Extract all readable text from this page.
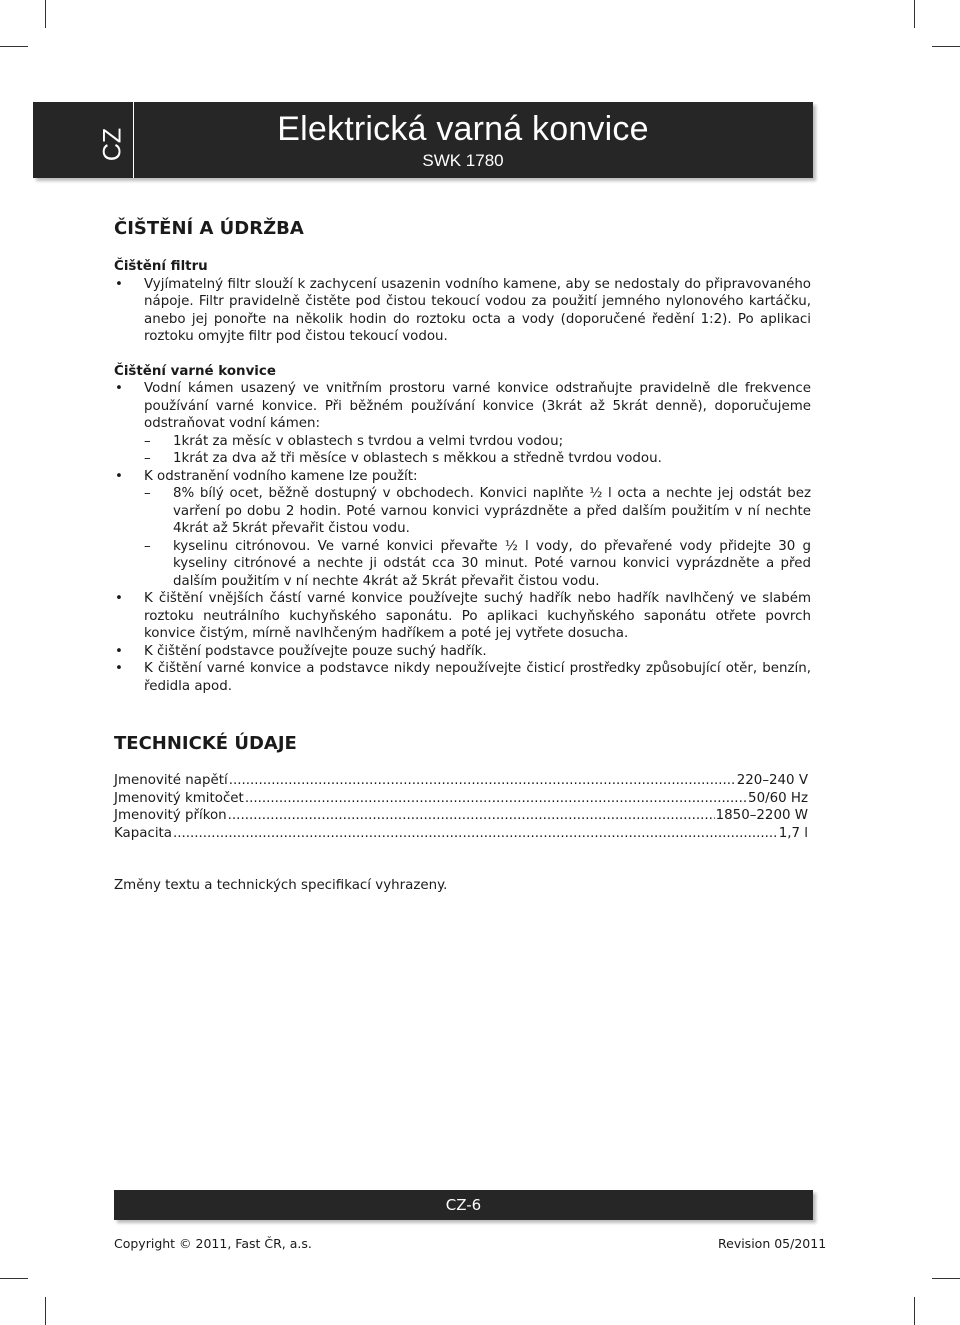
CZ	Elektrická varná konvice
SWK 1780
ČIŠTĚNÍ A ÚDRŽBA
Čištění filtru
• Vyjímatelný filtr slouží k zachycení usazenin vodního kamene, aby se nedostaly do připravovaného nápoje. Filtr pravidelně čistěte pod čistou tekoucí vodou za použití jemného nylonového kartáčku, anebo jej ponořte na několik hodin do roztoku octa a vody (doporučené ředění 1:2). Po aplikaci roztoku omyjte filtr pod čistou tekoucí vodou.
Čištění varné konvice
• Vodní kámen usazený ve vnitřním prostoru varné konvice odstraňujte pravidelně dle frekvence používání varné konvice. Při běžném používání konvice (3krát až 5krát denně), doporučujeme odstraňovat vodní kámen:
– 1krát za měsíc v oblastech s tvrdou a velmi tvrdou vodou;
– 1krát za dva až tři měsíce v oblastech s měkkou a středně tvrdou vodou.
• K odstranění vodního kamene lze použít:
– 8% bílý ocet, běžně dostupný v obchodech. Konvici naplňte ½ l octa a nechte jej odstát bez varření po dobu 2 hodin. Poté varnou konvici vyprázdněte a před dalším použitím v ní nechte 4krát až 5krát převařit čistou vodu.
– kyselinu citrónovou. Ve varné konvici převařte ½ l vody, do převařené vody přidejte 30 g kyseliny citrónové a nechte ji odstát cca 30 minut. Poté varnou konvici vyprázdněte a před dalším použitím v ní nechte 4krát až 5krát převařit čistou vodu.
• K čištění vnějších částí varné konvice používejte suchý hadřík nebo hadřík navlhčený ve slabém roztoku neutrálního kuchyňského saponátu. Po aplikaci kuchyňského saponátu otřete povrch konvice čistým, mírně navlhčeným hadříkem a poté jej vytřete dosucha.
• K čištění podstavce používejte pouze suchý hadřík.
• K čištění varné konvice a podstavce nikdy nepoužívejte čisticí prostředky způsobující otěr, benzín, ředidla apod.
TECHNICKÉ ÚDAJE
Jmenovité napětí .....	220–240 V
Jmenovitý kmitočet .....	50/60 Hz
Jmenovitý příkon .....	1850–2200 W
Kapacita .....	1,7 l
Změny textu a technických specifikací vyhrazeny.
CZ-6
Copyright © 2011, Fast ČR, a.s.	Revision 05/2011
